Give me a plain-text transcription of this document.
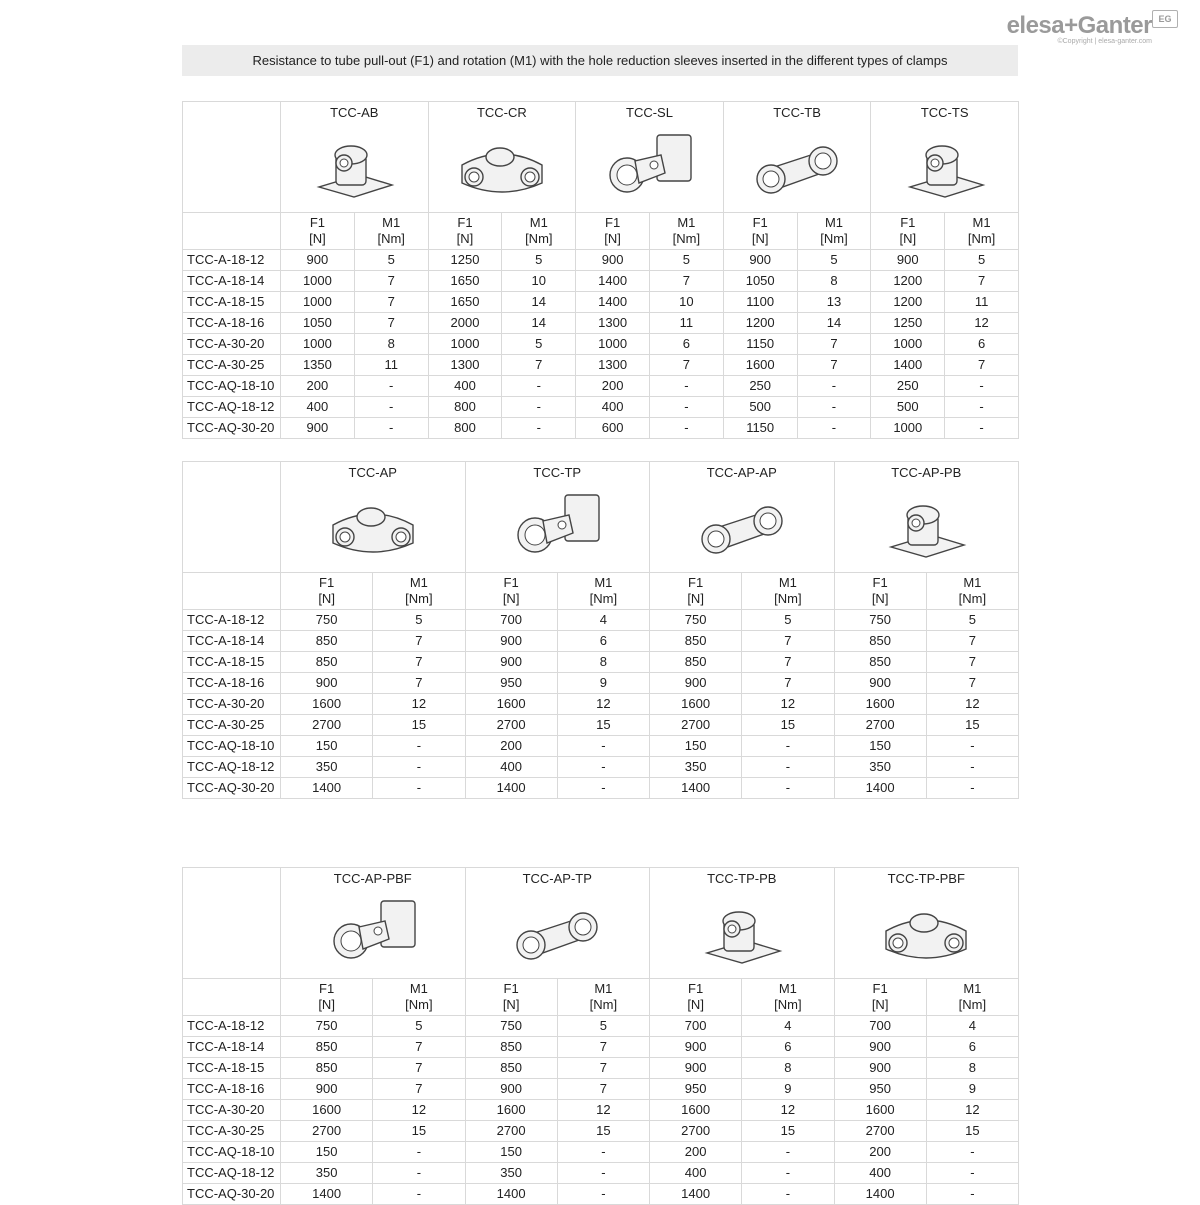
elesa+Ganter EG
©Copyright | elesa-ganter.com
Resistance to tube pull-out (F1) and rotation (M1) with the hole reduction sleeves inserted in the different types of clamps

	TCC-AB		TCC-CR		TCC-SL		TCC-TB		TCC-TS	

	F1
[N]	M1
[Nm]	F1
[N]	M1
[Nm]	F1
[N]	M1
[Nm]	F1
[N]	M1
[Nm]	F1
[N]	M1
[Nm]

TCC-A-18-12	900	5	1250	5	900	5	900	5	900	5
TCC-A-18-14	1000	7	1650	10	1400	7	1050	8	1200	7
TCC-A-18-15	1000	7	1650	14	1400	10	1100	13	1200	11
TCC-A-18-16	1050	7	2000	14	1300	11	1200	14	1250	12
TCC-A-30-20	1000	8	1000	5	1000	6	1150	7	1000	6
TCC-A-30-25	1350	11	1300	7	1300	7	1600	7	1400	7
TCC-AQ-18-10	200	-	400	-	200	-	250	-	250	-
TCC-AQ-18-12	400	-	800	-	400	-	500	-	500	-
TCC-AQ-30-20	900	-	800	-	600	-	1150	-	1000	-

	TCC-AP		TCC-TP		TCC-AP-AP		TCC-AP-PB	

	F1
[N]	M1
[Nm]	F1
[N]	M1
[Nm]	F1
[N]	M1
[Nm]	F1
[N]	M1
[Nm]

TCC-A-18-12	750	5	700	4	750	5	750	5
TCC-A-18-14	850	7	900	6	850	7	850	7
TCC-A-18-15	850	7	900	8	850	7	850	7
TCC-A-18-16	900	7	950	9	900	7	900	7
TCC-A-30-20	1600	12	1600	12	1600	12	1600	12
TCC-A-30-25	2700	15	2700	15	2700	15	2700	15
TCC-AQ-18-10	150	-	200	-	150	-	150	-
TCC-AQ-18-12	350	-	400	-	350	-	350	-
TCC-AQ-30-20	1400	-	1400	-	1400	-	1400	-

	TCC-AP-PBF		TCC-AP-TP		TCC-TP-PB		TCC-TP-PBF	

	F1
[N]	M1
[Nm]	F1
[N]	M1
[Nm]	F1
[N]	M1
[Nm]	F1
[N]	M1
[Nm]

TCC-A-18-12	750	5	750	5	700	4	700	4
TCC-A-18-14	850	7	850	7	900	6	900	6
TCC-A-18-15	850	7	850	7	900	8	900	8
TCC-A-18-16	900	7	900	7	950	9	950	9
TCC-A-30-20	1600	12	1600	12	1600	12	1600	12
TCC-A-30-25	2700	15	2700	15	2700	15	2700	15
TCC-AQ-18-10	150	-	150	-	200	-	200	-
TCC-AQ-18-12	350	-	350	-	400	-	400	-
TCC-AQ-30-20	1400	-	1400	-	1400	-	1400	-
